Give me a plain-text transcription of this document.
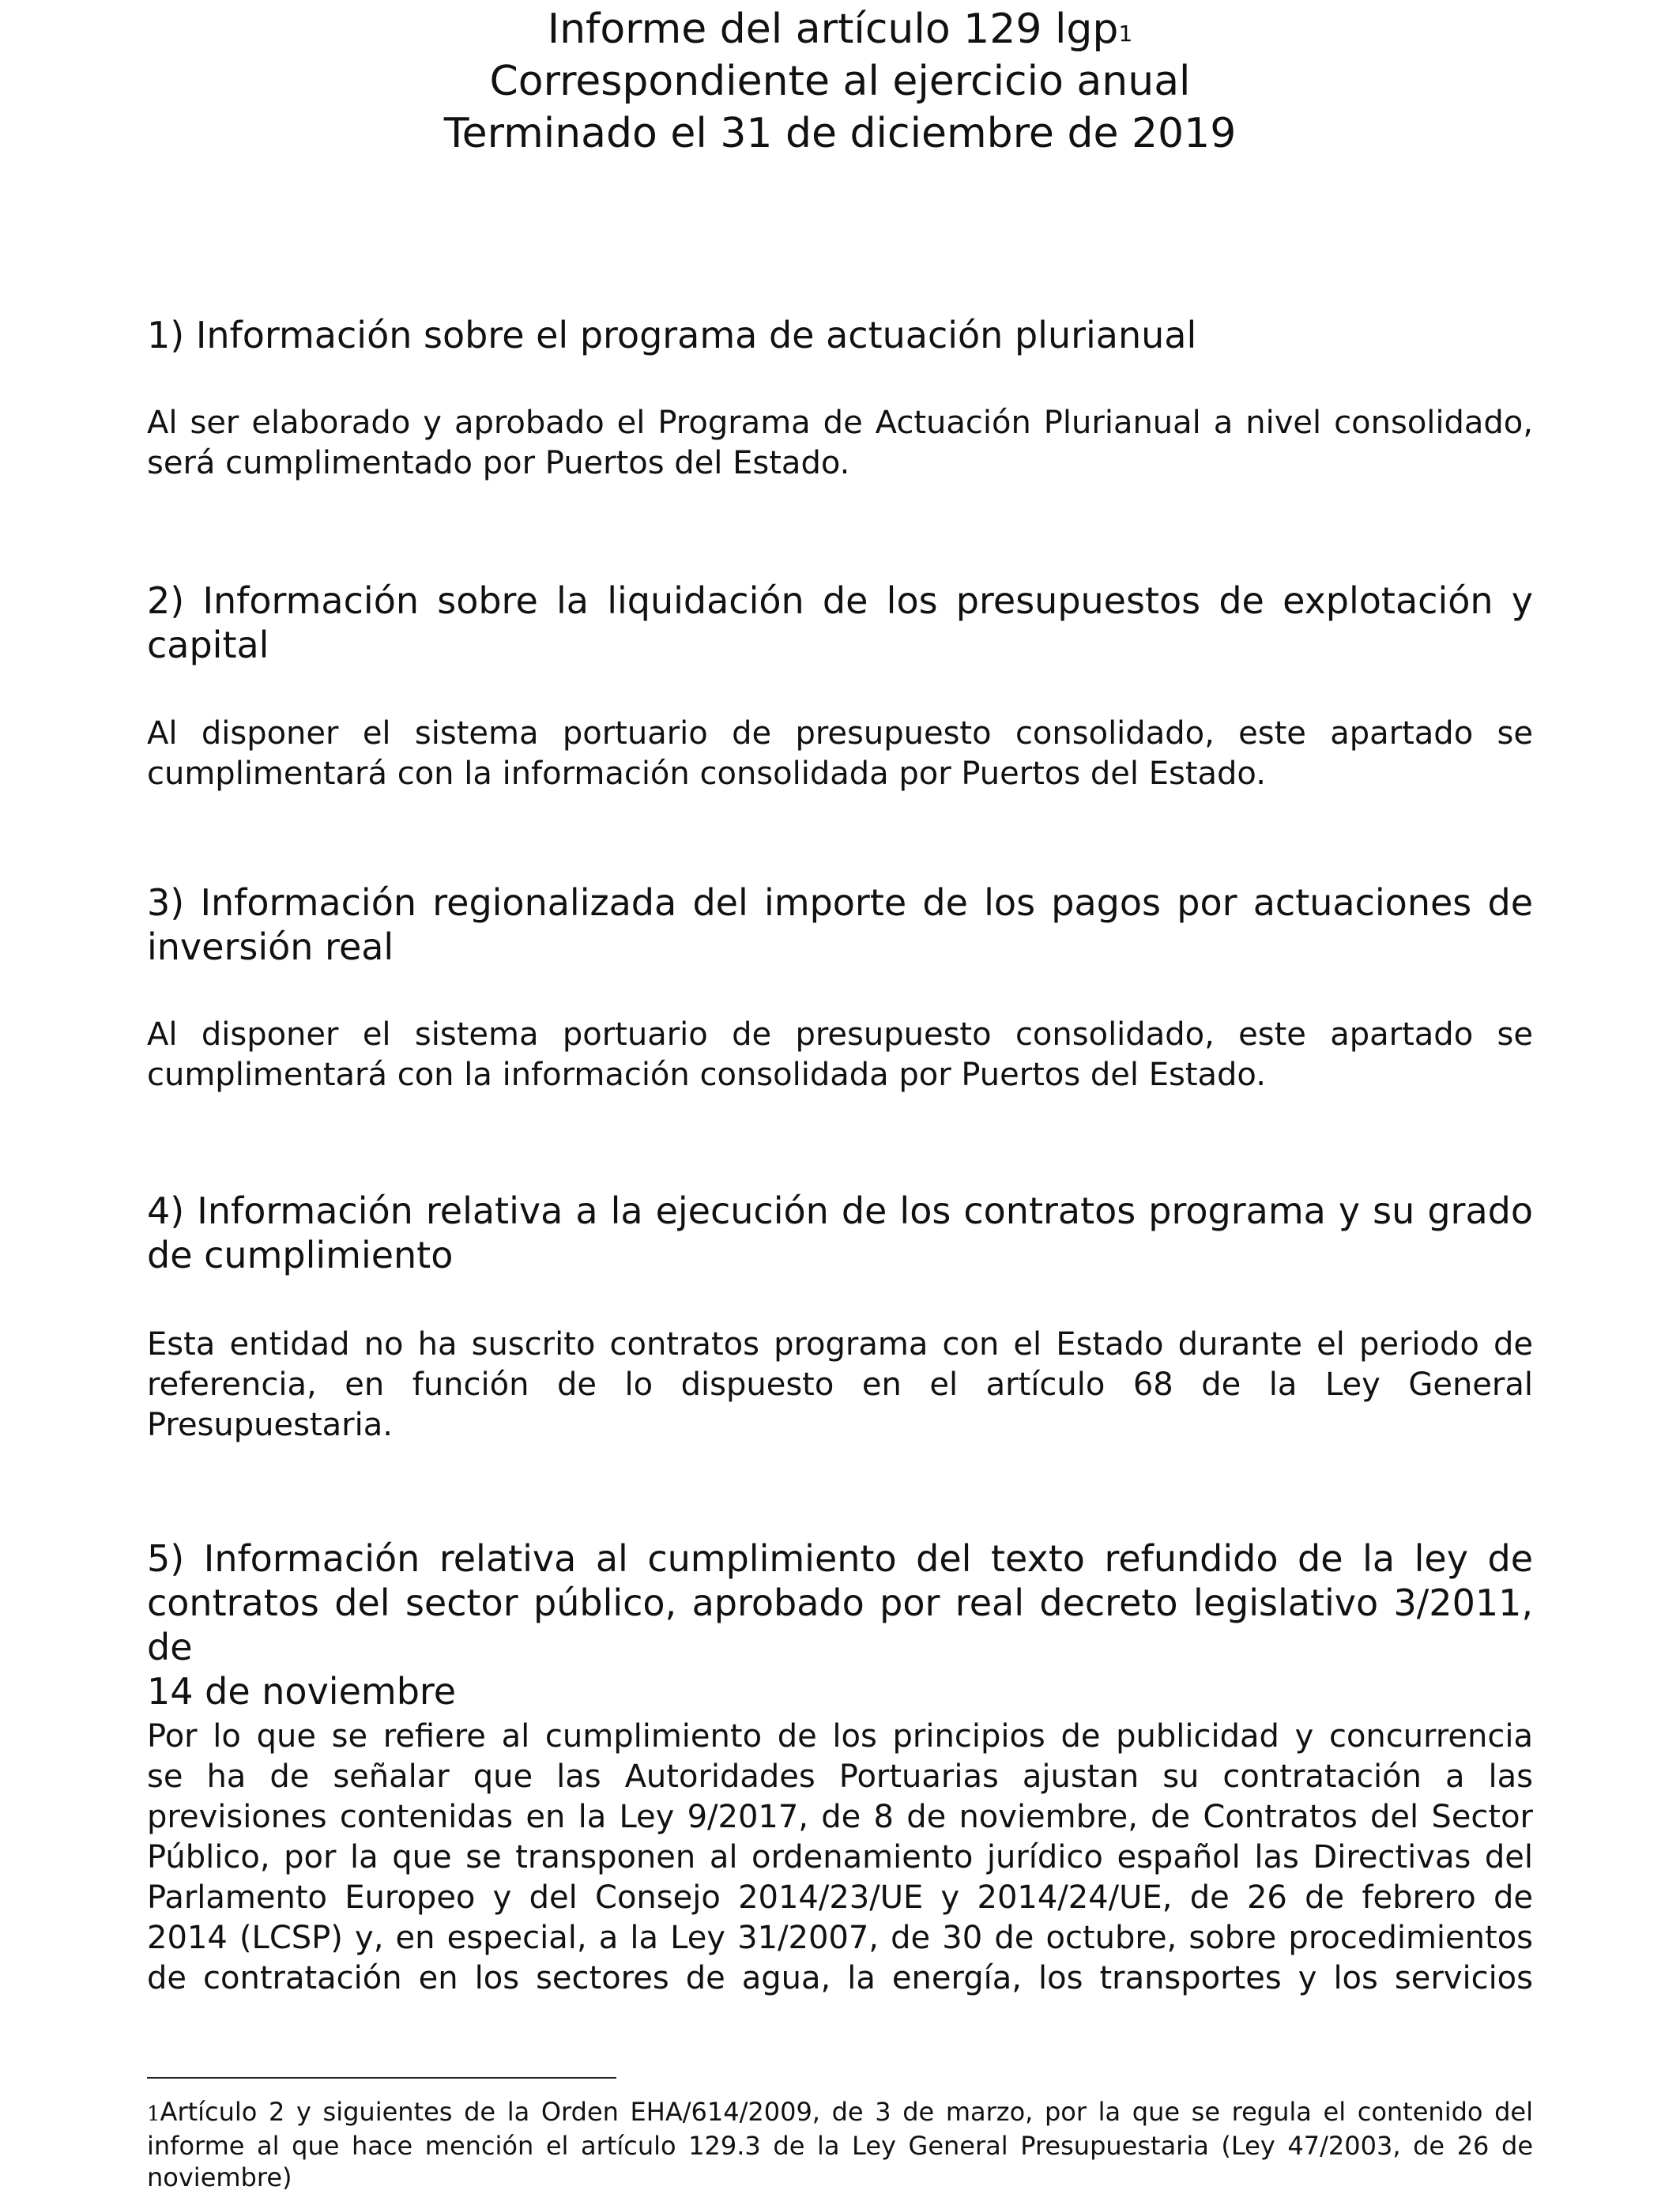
Informe del artículo 129 lgp$^1$
Correspondiente al ejercicio anual
Terminado el 31 de diciembre de 2019
1) Información sobre el programa de actuación plurianual
Al ser elaborado y aprobado el Programa de Actuación Plurianual a nivel consolidado,
será cumplimentado por Puertos del Estado.
2) Información sobre la liquidación de los presupuestos de explotación y
capital
Al disponer el sistema portuario de presupuesto consolidado, este apartado se
cumplimentará con la información consolidada por Puertos del Estado.
3) Información regionalizada del importe de los pagos por actuaciones de
inversión real
Al disponer el sistema portuario de presupuesto consolidado, este apartado se
cumplimentará con la información consolidada por Puertos del Estado.
4) Información relativa a la ejecución de los contratos programa y su grado
de cumplimiento
Esta entidad no ha suscrito contratos programa con el Estado durante el periodo de
referencia, en función de lo dispuesto en el artículo 68 de la Ley General
Presupuestaria.
5) Información relativa al cumplimiento del texto refundido de la ley de
contratos del sector público, aprobado por real decreto legislativo 3/2011, de
14 de noviembre
Por lo que se refiere al cumplimiento de los principios de publicidad y concurrencia
se ha de señalar que las Autoridades Portuarias ajustan su contratación a las
previsiones contenidas en la Ley 9/2017, de 8 de noviembre, de Contratos del Sector
Público, por la que se transponen al ordenamiento jurídico español las Directivas del
Parlamento Europeo y del Consejo 2014/23/UE y 2014/24/UE, de 26 de febrero de
2014 (LCSP) y, en especial, a la Ley 31/2007, de 30 de octubre, sobre procedimientos
de contratación en los sectores de agua, la energía, los transportes y los servicios
1Artículo 2 y siguientes de la Orden EHA/614/2009, de 3 de marzo, por la que se regula el contenido del
informe al que hace mención el artículo 129.3 de la Ley General Presupuestaria (Ley 47/2003, de 26 de
noviembre)
